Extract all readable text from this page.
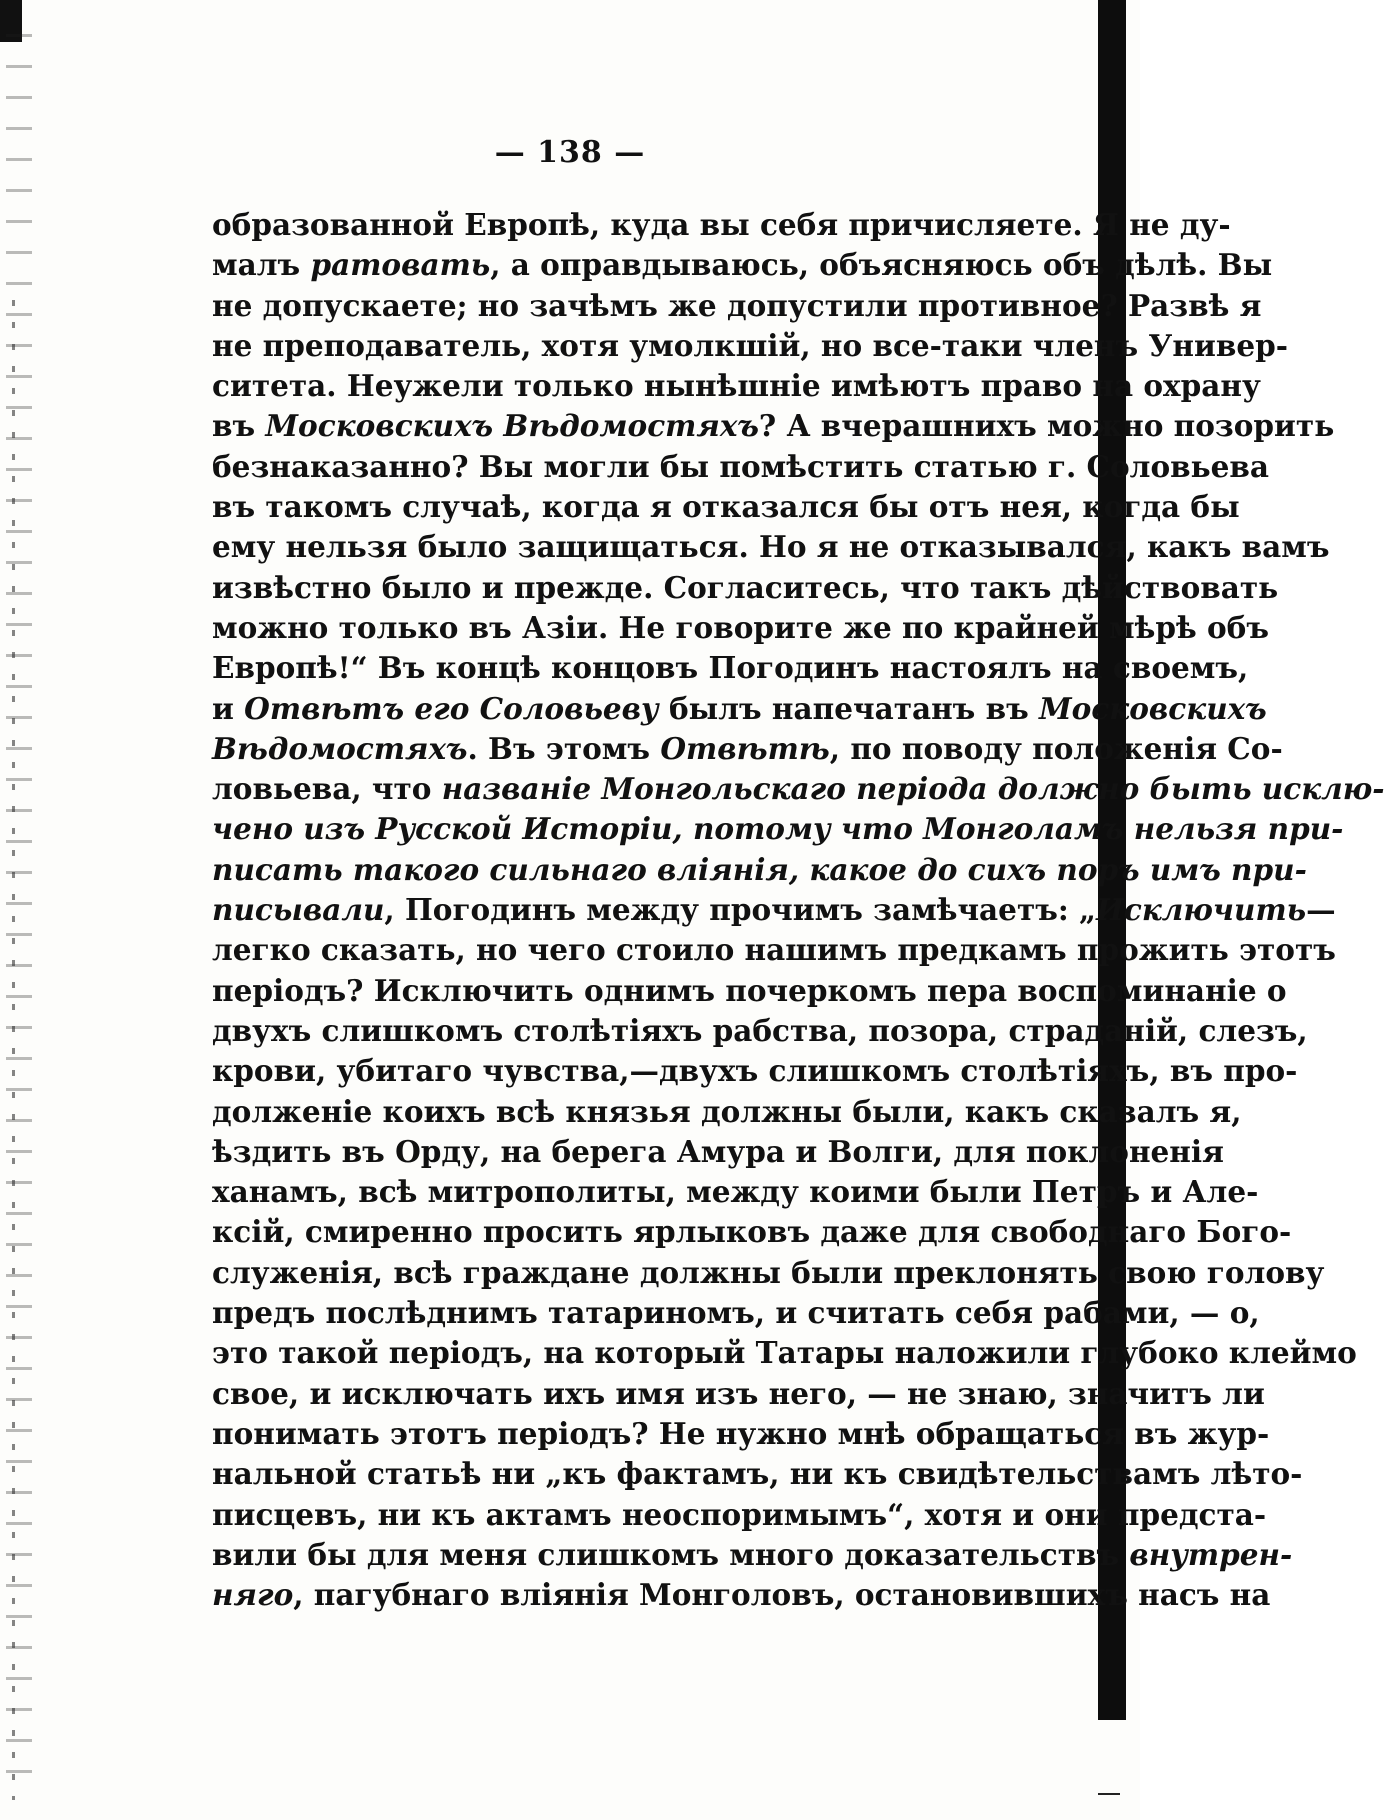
— 138 —
образованной Европѣ, куда вы себя причисляете. Я не ду-
малъ ратовать, а оправдываюсь, объясняюсь объ дѣлѣ. Вы
не допускаете; но зачѣмъ же допустили противное? Развѣ я
не преподаватель, хотя умолкшій, но все-таки членъ Универ-
ситета. Неужели только нынѣшніе имѣютъ право на охрану
въ Московскихъ Вѣдомостяхъ? А вчерашнихъ можно позорить
безнаказанно? Вы могли бы помѣстить статью г. Соловьева
въ такомъ случаѣ, когда я отказался бы отъ нея, когда бы
ему нельзя было защищаться. Но я не отказывался, какъ вамъ
извѣстно было и прежде. Согласитесь, что такъ дѣйствовать
можно только въ Азіи. Не говорите же по крайней мѣрѣ объ
Европѣ!“ Въ концѣ концовъ Погодинъ настоялъ на своемъ,
и Отвѣтъ его Соловьеву былъ напечатанъ въ Московскихъ
Вѣдомостяхъ. Въ этомъ Отвѣтѣ, по поводу положенія Со-
ловьева, что названіе Монгольскаго періода должно быть исклю-
чено изъ Русской Исторіи, потому что Монголамъ нельзя при-
писать такого сильнаго вліянія, какое до сихъ поръ имъ при-
писывали, Погодинъ между прочимъ замѣчаетъ: „Исключить—
легко сказать, но чего стоило нашимъ предкамъ прожить этотъ
періодъ? Исключить однимъ почеркомъ пера воспоминаніе о
двухъ слишкомъ столѣтіяхъ рабства, позора, страданій, слезъ,
крови, убитаго чувства,—двухъ слишкомъ столѣтіяхъ, въ про-
долженіе коихъ всѣ князья должны были, какъ сказалъ я,
ѣздить въ Орду, на берега Амура и Волги, для поклоненія
ханамъ, всѣ митрополиты, между коими были Петръ и Але-
ксій, смиренно просить ярлыковъ даже для свободнаго Бого-
служенія, всѣ граждане должны были преклонять свою голову
предъ послѣднимъ татариномъ, и считать себя рабами, — о,
это такой періодъ, на который Татары наложили глубоко клеймо
свое, и исключать ихъ имя изъ него, — не знаю, значитъ ли
понимать этотъ періодъ? Не нужно мнѣ обращаться въ жур-
нальной статьѣ ни „къ фактамъ, ни къ свидѣтельствамъ лѣто-
писцевъ, ни къ актамъ неоспоримымъ“, хотя и они предста-
вили бы для меня слишкомъ много доказательствъ внутрен-
няго, пагубнаго вліянія Монголовъ, остановившихъ насъ на
